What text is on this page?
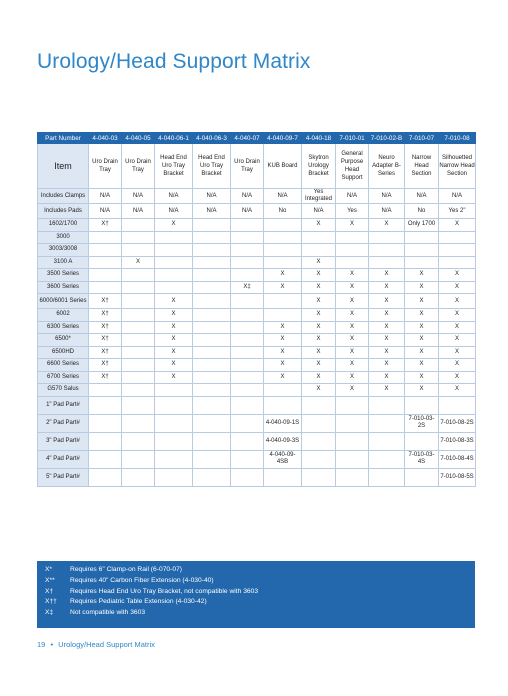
Urology/Head Support Matrix
Part Number	4-040-03	4-040-05	4-040-06-1	4-040-06-3	4-040-07	4-040-09-7	4-040-18	7-010-01	7-010-02-B	7-010-07	7-010-08
Item	Uro Drain Tray	Uro Drain Tray	Head End Uro Tray Bracket	Head End Uro Tray Bracket	Uro Drain Tray	KUB Board	Skytron Urology Bracket	General Purpose Head Support	Neuro Adapter B-Series	Narrow Head Section	Silhouetted Narrow Head Section
Includes Clamps	N/A	N/A	N/A	N/A	N/A	N/A	Yes Integrated	N/A	N/A	N/A	N/A
Includes Pads	N/A	N/A	N/A	N/A	N/A	No	N/A	Yes	N/A	No	Yes 2"
1602/1700	X†		X				X	X	X	Only 1700	X
3000											
3003/3008											
3100 A		X					X				
3500 Series						X	X	X	X	X	X
3600 Series					X‡	X	X	X	X	X	X
6000/6001 Series	X†		X				X	X	X	X	X
6002	X†		X				X	X	X	X	X
6300 Series	X†		X			X	X	X	X	X	X
6500*	X†		X			X	X	X	X	X	X
6500HD	X†		X			X	X	X	X	X	X
6600 Series	X†		X			X	X	X	X	X	X
6700 Series	X†		X			X	X	X	X	X	X
G570 Salus							X	X	X	X	X
1" Pad Part#											
2" Pad Part#						4-040-09-1S				7-010-03-2S	7-010-08-2S
3" Pad Part#						4-040-09-3S					7-010-08-3S
4" Pad Part#						4-040-09-4SB				7-010-03-4S	7-010-08-4S
5" Pad Part#											7-010-08-5S
X*	Requires 6" Clamp-on Rail (6-070-07)
X**	Requires 40" Carbon Fiber Extension (4-030-40)
X†	Requires Head End Uro Tray Bracket, not compatible with 3603
X††	Requires Pediatric Table Extension (4-030-42)
X‡	Not compatible with 3603
19 • Urology/Head Support Matrix
